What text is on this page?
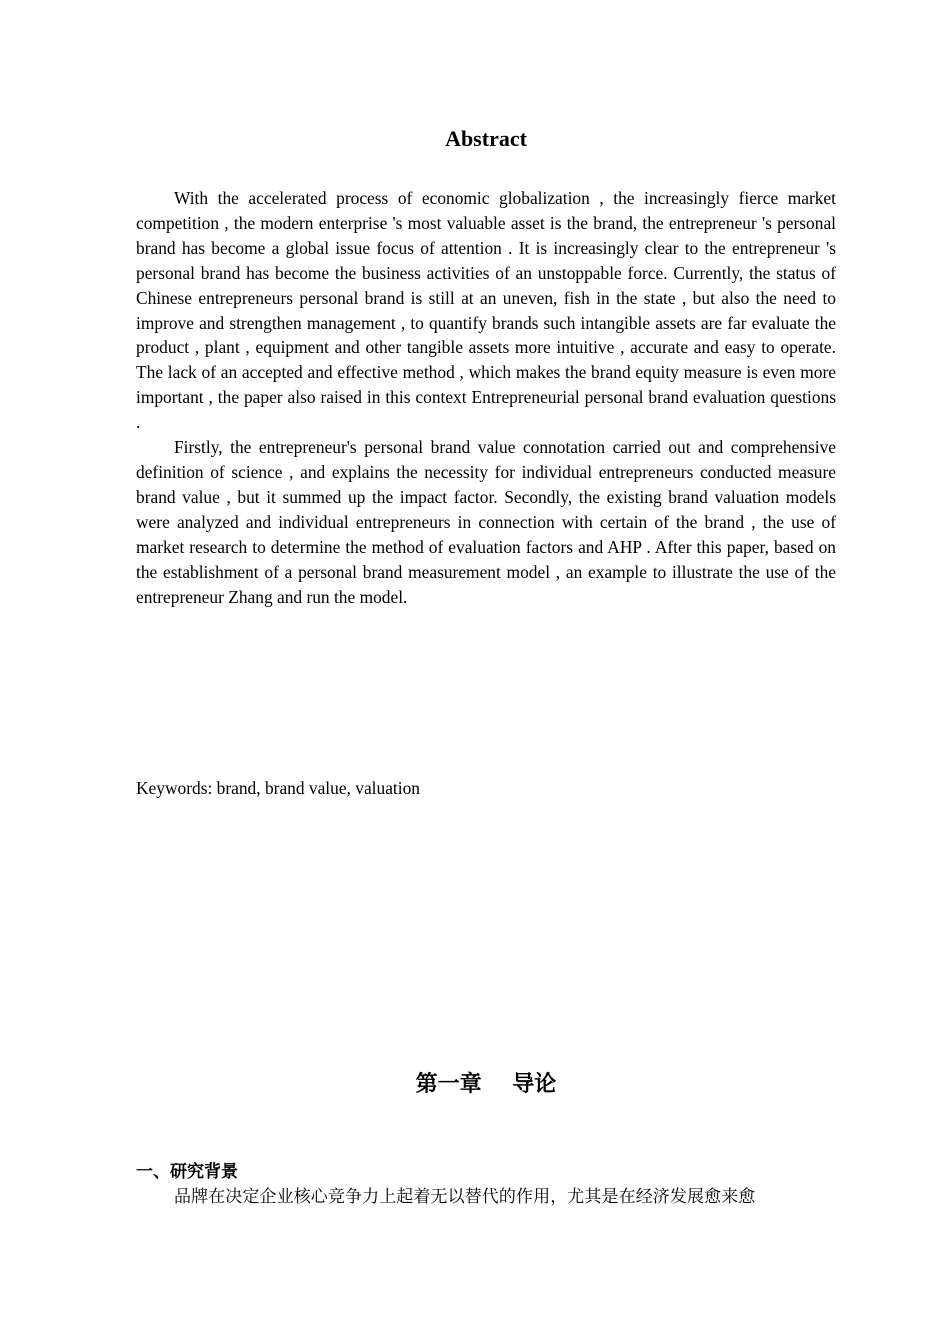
Abstract

With the accelerated process of economic globalization , the increasingly fierce market competition , the modern enterprise 's most valuable asset is the brand, the entrepreneur 's personal brand has become a global issue focus of attention . It is increasingly clear to the entrepreneur 's personal brand has become the business activities of an unstoppable force. Currently, the status of Chinese entrepreneurs personal brand is still at an uneven, fish in the state , but also the need to improve and strengthen management , to quantify brands such intangible assets are far evaluate the product , plant , equipment and other tangible assets more intuitive , accurate and easy to operate. The lack of an accepted and effective method , which makes the brand equity measure is even more important , the paper also raised in this context Entrepreneurial personal brand evaluation questions .

Firstly, the entrepreneur's personal brand value connotation carried out and comprehensive definition of science , and explains the necessity for individual entrepreneurs conducted measure brand value , but it summed up the impact factor. Secondly, the existing brand valuation models were analyzed and individual entrepreneurs in connection with certain of the brand , the use of market research to determine the method of evaluation factors and AHP . After this paper, based on the establishment of a personal brand measurement model , an example to illustrate the use of the entrepreneur Zhang and run the model.

Keywords: brand, brand value, valuation
第一章    导论
一、研究背景
品牌在决定企业核心竞争力上起着无以替代的作用，尤其是在经济发展愈来愈
